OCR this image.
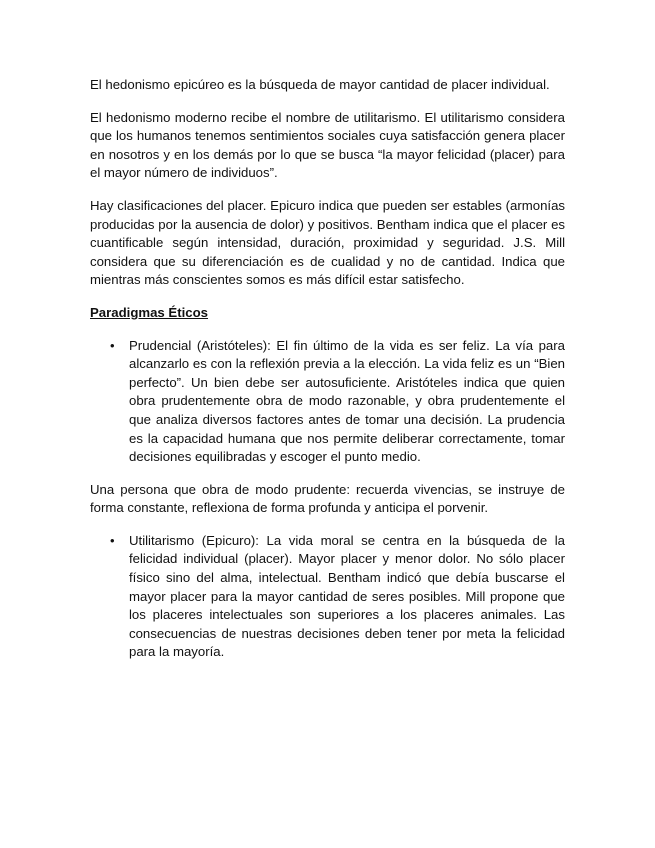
El hedonismo epicúreo es la búsqueda de mayor cantidad de placer individual.

El hedonismo moderno recibe el nombre de utilitarismo. El utilitarismo considera que los humanos tenemos sentimientos sociales cuya satisfacción genera placer en nosotros y en los demás por lo que se busca “la mayor felicidad (placer) para el mayor número de individuos”.

Hay clasificaciones del placer. Epicuro indica que pueden ser estables (armonías producidas por la ausencia de dolor) y positivos. Bentham indica que el placer es cuantificable según intensidad, duración, proximidad y seguridad. J.S. Mill considera que su diferenciación es de cualidad y no de cantidad. Indica que mientras más conscientes somos es más difícil estar satisfecho.

Paradigmas Éticos

• Prudencial (Aristóteles): El fin último de la vida es ser feliz. La vía para alcanzarlo es con la reflexión previa a la elección. La vida feliz es un “Bien perfecto”. Un bien debe ser autosuficiente. Aristóteles indica que quien obra prudentemente obra de modo razonable, y obra prudentemente el que analiza diversos factores antes de tomar una decisión. La prudencia es la capacidad humana que nos permite deliberar correctamente, tomar decisiones equilibradas y escoger el punto medio.

Una persona que obra de modo prudente: recuerda vivencias, se instruye de forma constante, reflexiona de forma profunda y anticipa el porvenir.

• Utilitarismo (Epicuro): La vida moral se centra en la búsqueda de la felicidad individual (placer). Mayor placer y menor dolor. No sólo placer físico sino del alma, intelectual. Bentham indicó que debía buscarse el mayor placer para la mayor cantidad de seres posibles. Mill propone que los placeres intelectuales son superiores a los placeres animales. Las consecuencias de nuestras decisiones deben tener por meta la felicidad para la mayoría.
